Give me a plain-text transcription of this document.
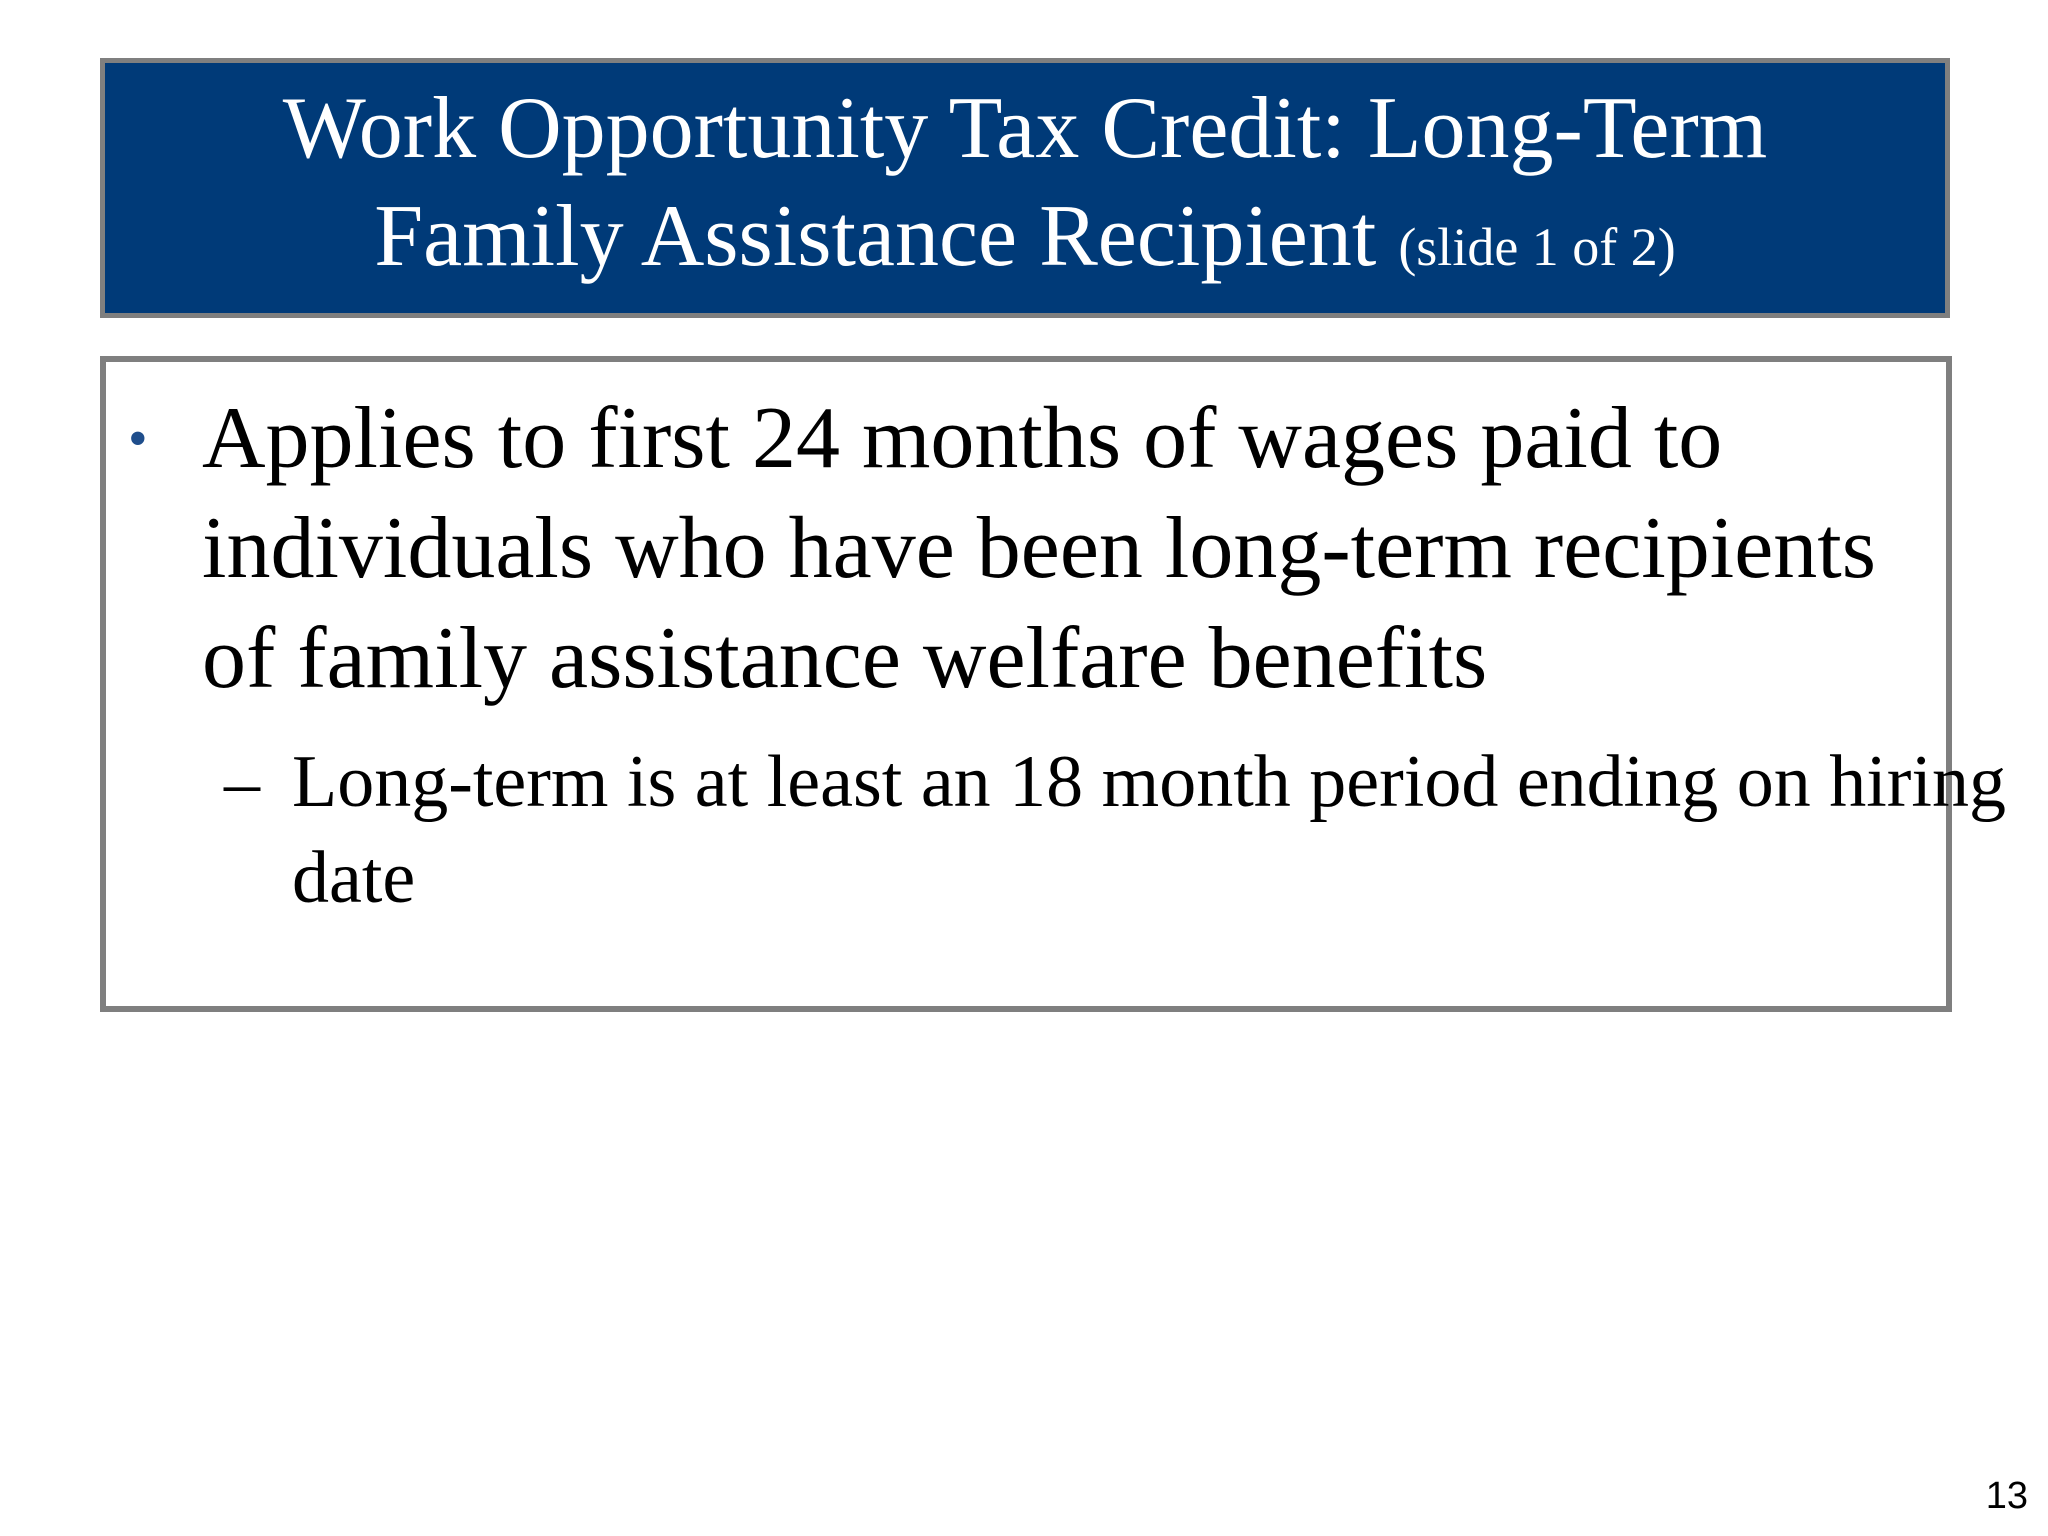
Work Opportunity Tax Credit: Long-Term
Family Assistance Recipient (slide 1 of 2)
• Applies to first 24 months of wages paid to individuals who have been long-term recipients of family assistance welfare benefits

– Long-term is at least an 18 month period ending on hiring date

13
